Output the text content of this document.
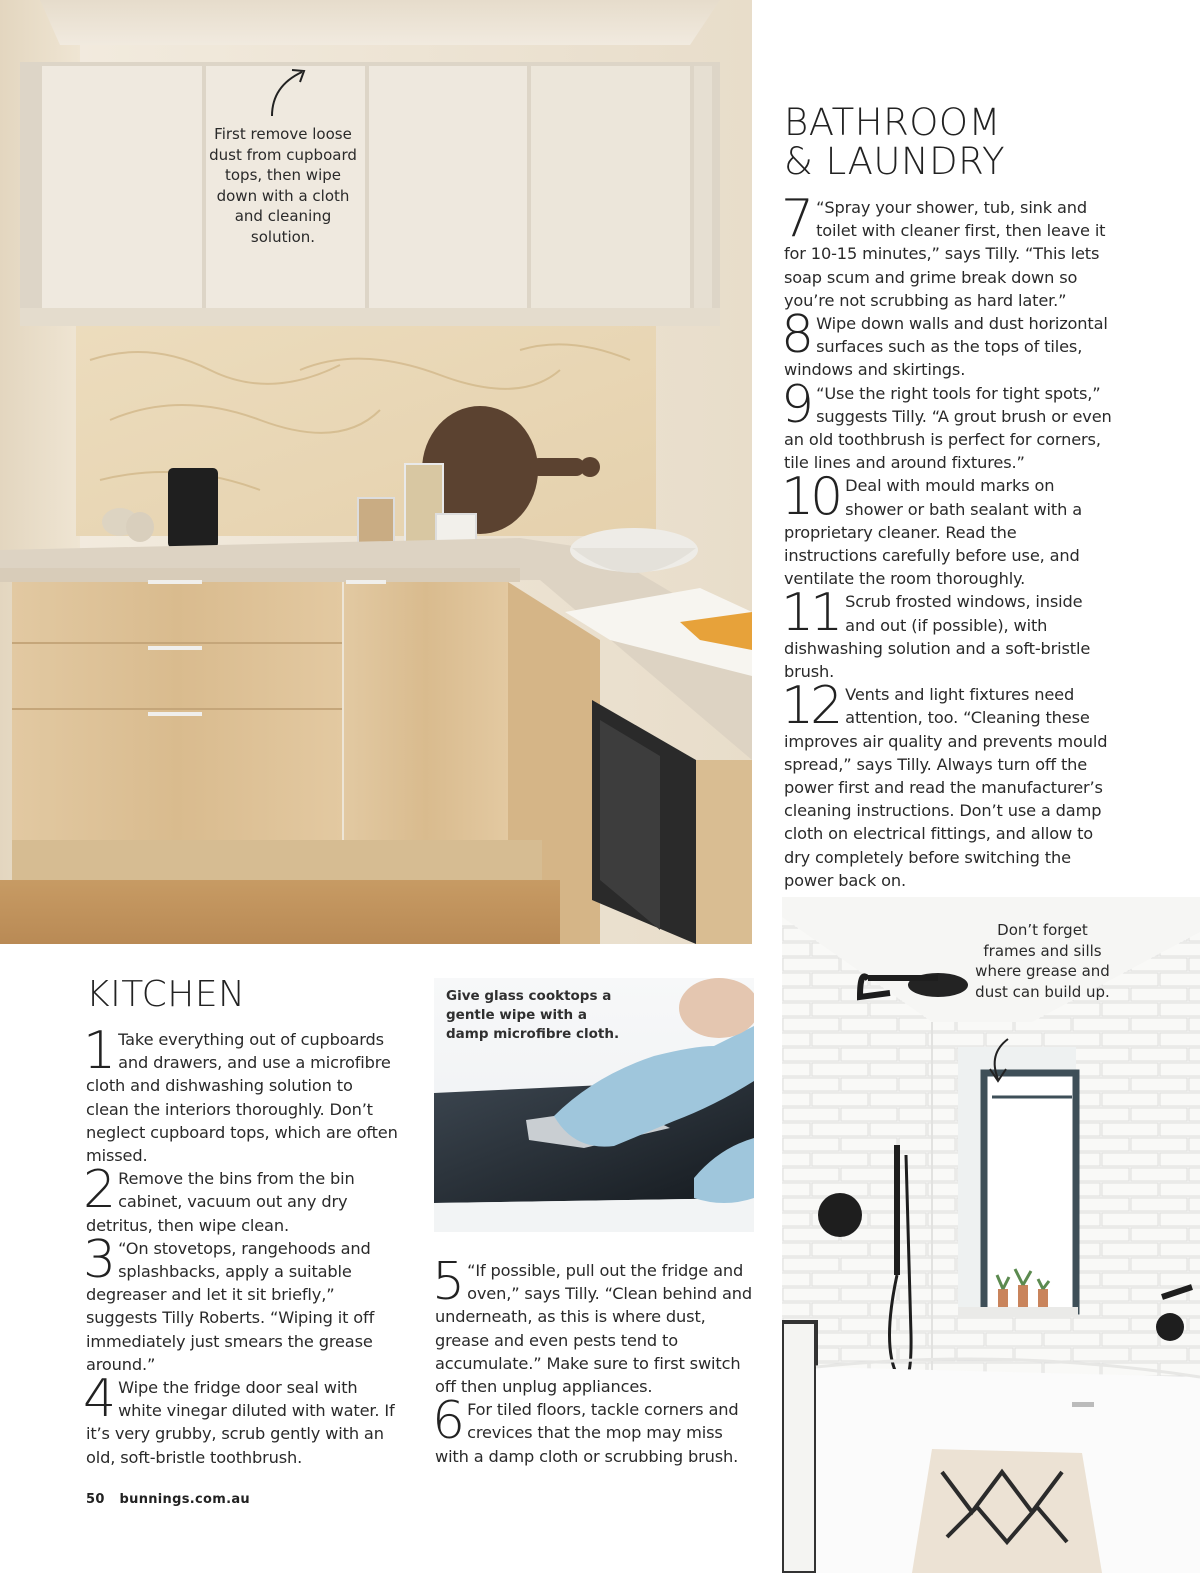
First remove loose dust from cupboard tops, then wipe down with a cloth and cleaning solution.
BATHROOM
& LAUNDRY

7 “Spray your shower, tub, sink and toilet with cleaner first, then leave it for 10-15 minutes,” says Tilly. “This lets soap scum and grime break down so you’re not scrubbing as hard later.”

8 Wipe down walls and dust horizontal surfaces such as the tops of tiles, windows and skirtings.

9 “Use the right tools for tight spots,” suggests Tilly. “A grout brush or even an old toothbrush is perfect for corners, tile lines and around fixtures.”

10 Deal with mould marks on shower or bath sealant with a proprietary cleaner. Read the instructions carefully before use, and ventilate the room thoroughly.

11 Scrub frosted windows, inside and out (if possible), with dishwashing solution and a soft-bristle brush.

12 Vents and light fixtures need attention, too. “Cleaning these improves air quality and prevents mould spread,” says Tilly. Always turn off the power first and read the manufacturer’s cleaning instructions. Don’t use a damp cloth on electrical fittings, and allow to dry completely before switching the power back on.

KITCHEN

1 Take everything out of cupboards and drawers, and use a microfibre cloth and dishwashing solution to clean the interiors thoroughly. Don’t neglect cupboard tops, which are often missed.

2 Remove the bins from the bin cabinet, vacuum out any dry detritus, then wipe clean.

3 “On stovetops, rangehoods and splashbacks, apply a suitable degreaser and let it sit briefly,” suggests Tilly Roberts. “Wiping it off immediately just smears the grease around.”

4 Wipe the fridge door seal with white vinegar diluted with water. If it’s very grubby, scrub gently with an old, soft-bristle toothbrush.

Give glass cooktops a gentle wipe with a damp microfibre cloth.

5 “If possible, pull out the fridge and oven,” says Tilly. “Clean behind and underneath, as this is where dust, grease and even pests tend to accumulate.” Make sure to first switch off then unplug appliances.

6 For tiled floors, tackle corners and crevices that the mop may miss with a damp cloth or scrubbing brush.

Don’t forget frames and sills where grease and dust can build up.
50 bunnings.com.au
